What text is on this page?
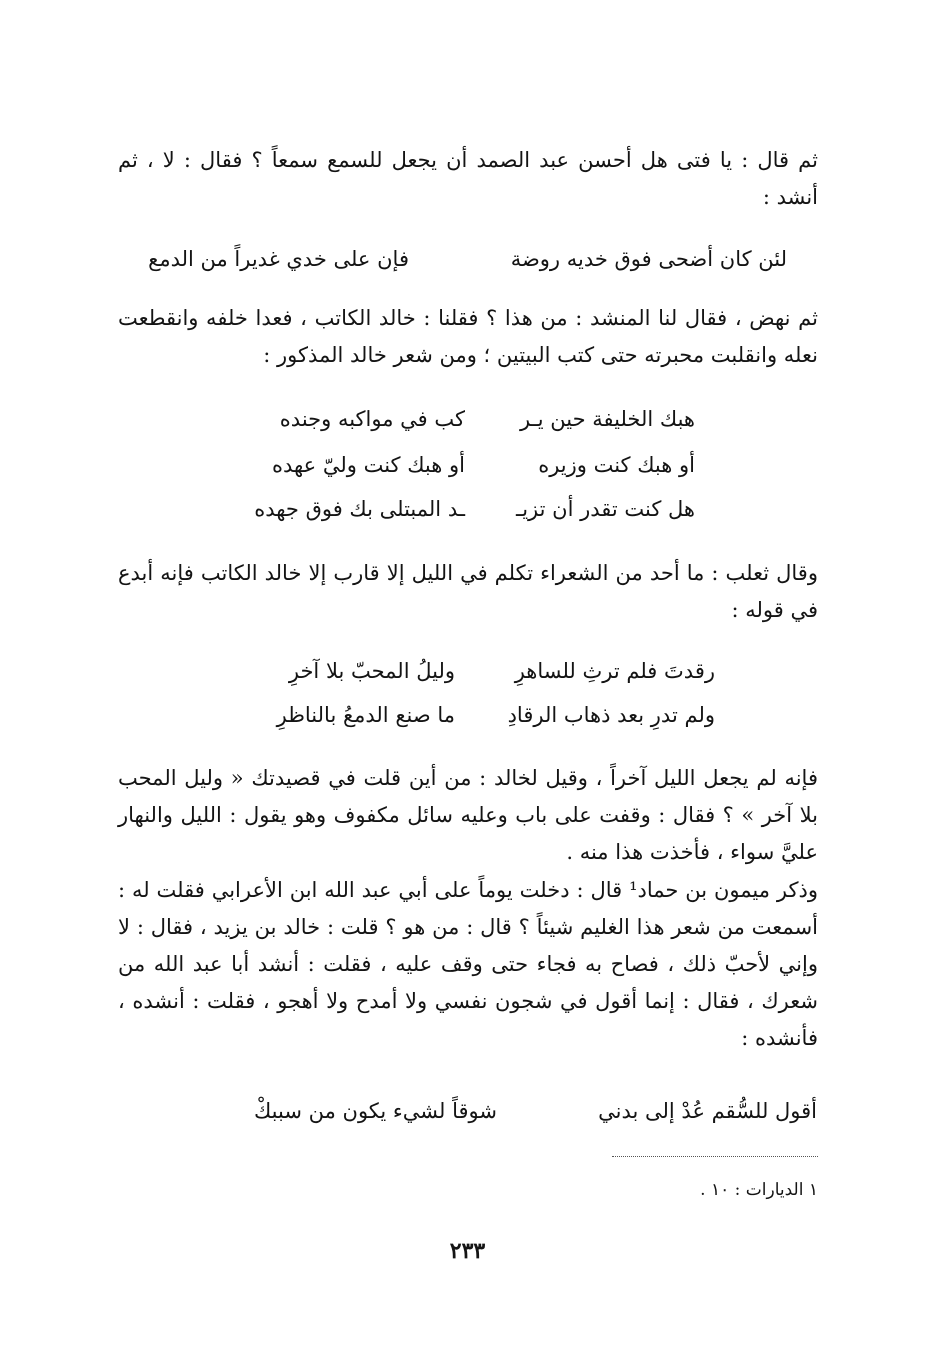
ثم قال : يا فتى هل أحسن عبد الصمد أن يجعل للسمع سمعاً ؟ فقال : لا ، ثم أنشد :

لئن كان أضحى فوق خديه روضة
فإن على خدي غديراً من الدمع

ثم نهض ، فقال لنا المنشد : من هذا ؟ فقلنا : خالد الكاتب ، فعدا خلفه وانقطعت نعله وانقلبت محبرته حتى كتب البيتين ؛ ومن شعر خالد المذكور :

هبك الخليفة حين يـر
كب في مواكبه وجنده
أو هبك كنت وزيره
أو هبك كنت وليّ عهده
هل كنت تقدر أن تزيـ
ـد المبتلى بك فوق جهده

وقال ثعلب : ما أحد من الشعراء تكلم في الليل إلا قارب إلا خالد الكاتب فإنه أبدع في قوله :

رقدتَ فلم ترثِ للساهرِ
وليلُ المحبّ بلا آخرِ
ولم تدرِ بعد ذهاب الرقادِ
ما صنع الدمعُ بالناظرِ

فإنه لم يجعل الليل آخراً ، وقيل لخالد : من أين قلت في قصيدتك « وليل المحب بلا آخر » ؟ فقال : وقفت على باب وعليه سائل مكفوف وهو يقول : الليل والنهار عليَّ سواء ، فأخذت هذا منه .

وذكر ميمون بن حماد¹ قال : دخلت يوماً على أبي عبد الله ابن الأعرابي فقلت له : أسمعت من شعر هذا الغليم شيئاً ؟ قال : من هو ؟ قلت : خالد بن يزيد ، فقال : لا وإني لأحبّ ذلك ، فصاح به فجاء حتى وقف عليه ، فقلت : أنشد أبا عبد الله من شعرك ، فقال : إنما أقول في شجون نفسي ولا أمدح ولا أهجو ، فقلت : أنشده ، فأنشده :

أقول للسُّقم عُدْ إلى بدني
شوقاً لشيء يكون من سببكْ

١ الديارات : ١٠ .

٢٣٣
